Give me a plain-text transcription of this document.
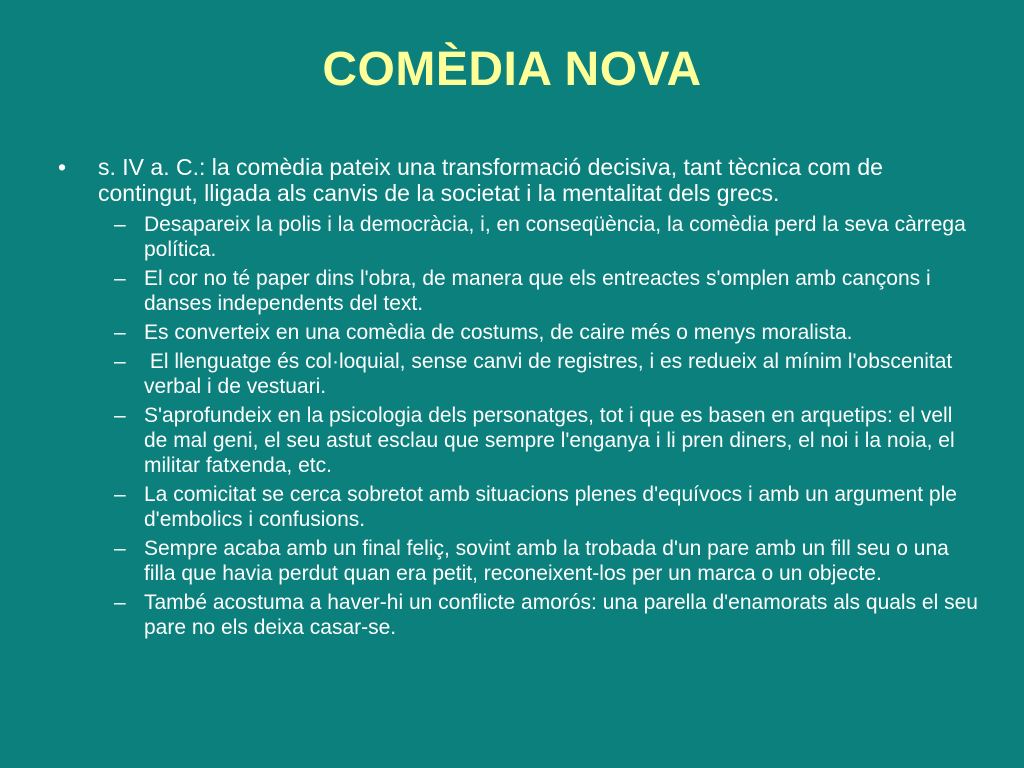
COMÈDIA NOVA
•	s. IV a. C.: la comèdia pateix una transformació decisiva, tant tècnica com de contingut, lligada als canvis de la societat i la mentalitat dels grecs.
– Desapareix la polis i la democràcia, i, en conseqüència, la comèdia perd la seva càrrega política.
– El cor no té paper dins l'obra, de manera que els entreactes s'omplen amb cançons i danses independents del text.
– Es converteix en una comèdia de costums, de caire més o menys moralista.
– El llenguatge és col·loquial, sense canvi de registres, i es redueix al mínim l'obscenitat verbal i de vestuari.
– S'aprofundeix en la psicologia dels personatges, tot i que es basen en arquetips: el vell de mal geni, el seu astut esclau que sempre l'enganya i li pren diners, el noi i la noia, el militar fatxenda, etc.
– La comicitat se cerca sobretot amb situacions plenes d'equívocs i amb un argument ple d'embolics i confusions.
– Sempre acaba amb un final feliç, sovint amb la trobada d'un pare amb un fill seu o una filla que havia perdut quan era petit, reconeixent-los per un marca o un objecte.
– També acostuma a haver-hi un conflicte amorós: una parella d'enamorats als quals el seu pare no els deixa casar-se.
